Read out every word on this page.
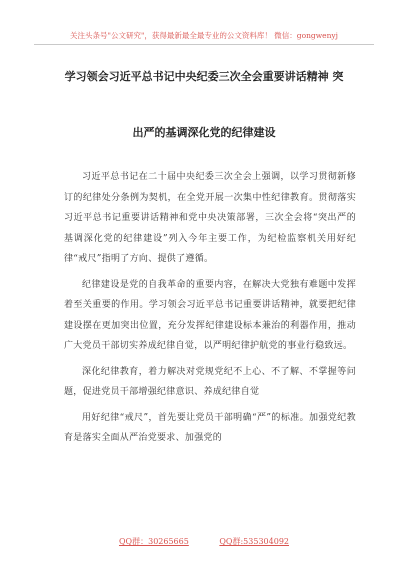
关注头条号"公文研究"，获得最新最全最专业的公文资料库！ 微信：gongwenyj
学习领会习近平总书记中央纪委三次全会重要讲话精神 突
出严的基调深化党的纪律建设

习近平总书记在二十届中央纪委三次全会上强调，以学习贯彻新修订的纪律处分条例为契机，在全党开展一次集中性纪律教育。贯彻落实习近平总书记重要讲话精神和党中央决策部署，三次全会将“突出严的基调深化党的纪律建设”列入今年主要工作，为纪检监察机关用好纪律“戒尺”指明了方向、提供了遵循。

纪律建设是党的自我革命的重要内容，在解决大党独有难题中发挥着至关重要的作用。学习领会习近平总书记重要讲话精神，就要把纪律建设摆在更加突出位置，充分发挥纪律建设标本兼治的利器作用，推动广大党员干部切实养成纪律自觉，以严明纪律护航党的事业行稳致远。

深化纪律教育，着力解决对党规党纪不上心、不了解、不掌握等问题，促进党员干部增强纪律意识、养成纪律自觉

用好纪律“戒尺”，首先要让党员干部明确“严”的标准。加强党纪教育是落实全面从严治党要求、加强党的

QQ群：30265665	QQ群:535304092
